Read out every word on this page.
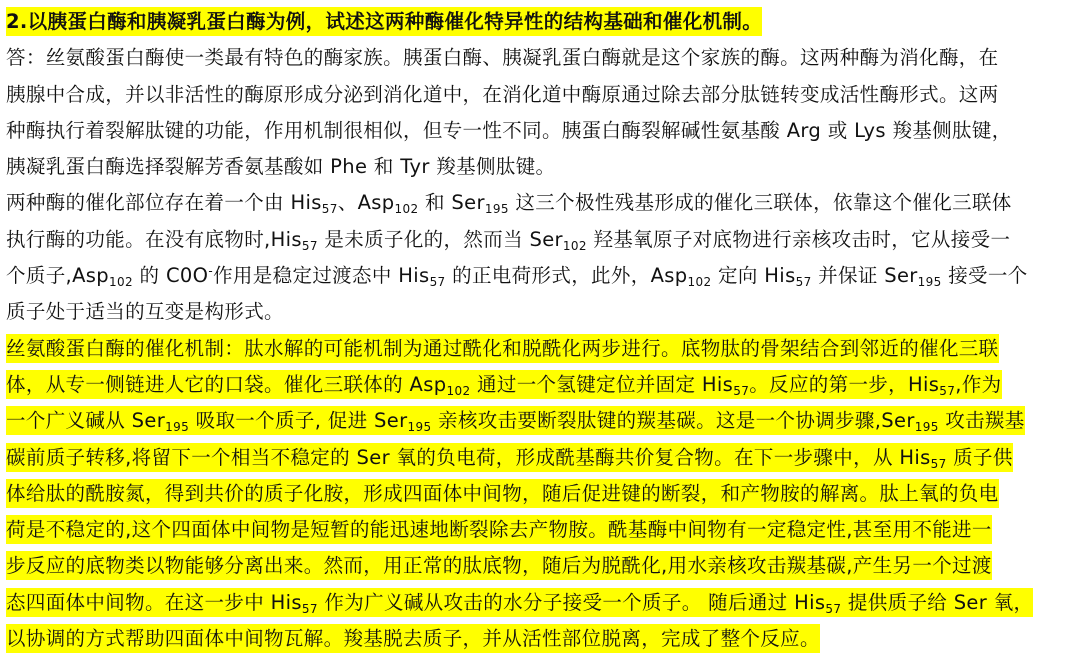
2.以胰蛋白酶和胰凝乳蛋白酶为例，试述这两种酶催化特异性的结构基础和催化机制。
答：丝氨酸蛋白酶使一类最有特色的酶家族。胰蛋白酶、胰凝乳蛋白酶就是这个家族的酶。这两种酶为消化酶，在
胰腺中合成，并以非活性的酶原形成分泌到消化道中，在消化道中酶原通过除去部分肽链转变成活性酶形式。这两
种酶执行着裂解肽键的功能，作用机制很相似，但专一性不同。胰蛋白酶裂解碱性氨基酸 Arg 或 Lys 羧基侧肽键，
胰凝乳蛋白酶选择裂解芳香氨基酸如 Phe 和 Tyr 羧基侧肽键。
两种酶的催化部位存在着一个由 His$_{57}$、Asp$_{102}$ 和 Ser$_{195}$ 这三个极性残基形成的催化三联体，依靠这个催化三联体
执行酶的功能。在没有底物时,His$_{57}$ 是未质子化的，然而当 Ser$_{102}$ 羟基氧原子对底物进行亲核攻击时，它从接受一
个质子,Asp$_{102}$ 的 C0O-作用是稳定过渡态中 His$_{57}$ 的正电荷形式，此外，Asp$_{102}$ 定向 His$_{57}$ 并保证 Ser$_{195}$ 接受一个
质子处于适当的互变是构形式。
丝氨酸蛋白酶的催化机制：肽水解的可能机制为通过酰化和脱酰化两步进行。底物肽的骨架结合到邻近的催化三联
体，从专一侧链进人它的口袋。催化三联体的 Asp$_{102}$ 通过一个氢键定位并固定 His$_{57}$。反应的第一步，His$_{57}$,作为
一个广义碱从 Ser$_{195}$ 吸取一个质子, 促进 Ser$_{195}$ 亲核攻击要断裂肽键的羰基碳。这是一个协调步骤,Ser$_{195}$ 攻击羰基
碳前质子转移,将留下一个相当不稳定的 Ser 氧的负电荷，形成酰基酶共价复合物。在下一步骤中，从 His$_{57}$ 质子供
体给肽的酰胺氮，得到共价的质子化胺，形成四面体中间物，随后促进键的断裂，和产物胺的解离。肽上氧的负电
荷是不稳定的,这个四面体中间物是短暂的能迅速地断裂除去产物胺。酰基酶中间物有一定稳定性,甚至用不能进一
步反应的底物类以物能够分离出来。然而，用正常的肽底物，随后为脱酰化,用水亲核攻击羰基碳,产生另一个过渡
态四面体中间物。在这一步中 His$_{57}$ 作为广义碱从攻击的水分子接受一个质子。 随后通过 His$_{57}$ 提供质子给 Ser 氧，
以协调的方式帮助四面体中间物瓦解。羧基脱去质子，并从活性部位脱离，完成了整个反应。
